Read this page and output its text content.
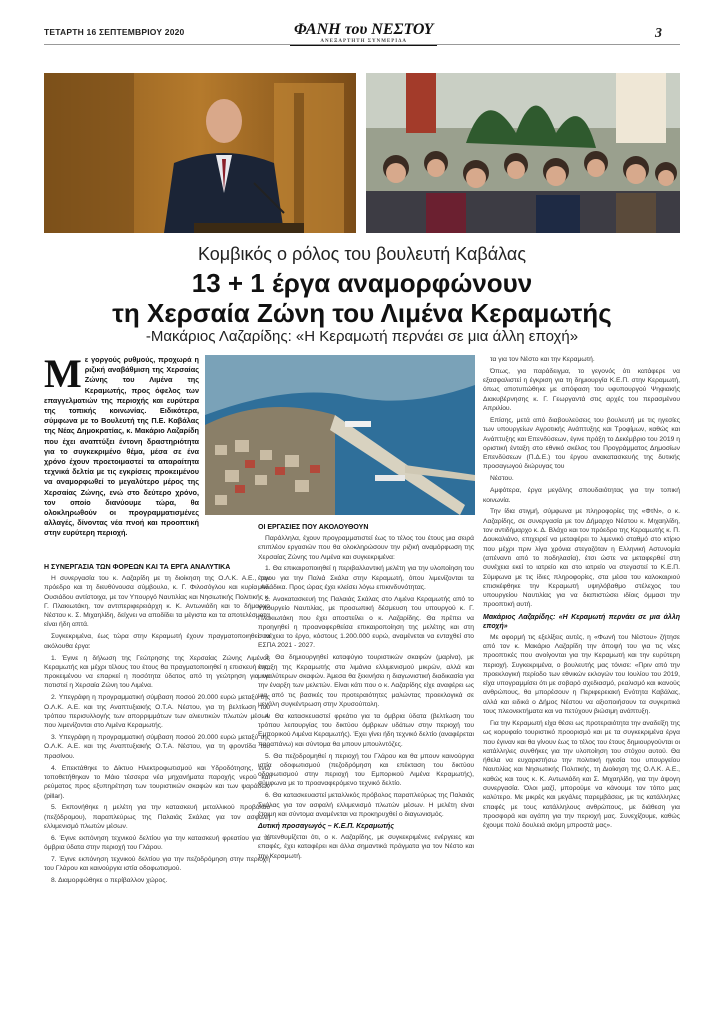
ΤΕΤΑΡΤΗ 16 ΣΕΠΤΕΜΒΡΙΟΥ 2020	ΦΑΝΗ του ΝΕΣΤΟΥ
ΑΝΕΞΑΡΤΗΤΗ ΣΥΝΜΕΡΙΔΑ
3
Κομβικός ο ρόλος του βουλευτή Καβάλας
13 + 1 έργα αναμορφώνουν
τη Χερσαία Ζώνη του Λιμένα Κεραμωτής
-Μακάριος Λαζαρίδης: «Η Κεραμωτή περνάει σε μια άλλη εποχή»
Μ ε γοργούς ρυθμούς, προχωρά η ριζική αναβάθμιση της Χερσαίας Ζώνης του Λιμένα της Κεραμωτής, προς όφελος των επαγγελματιών της περιοχής και ευρύτερα της τοπικής κοινωνίας. Ειδικότερα, σύμφωνα με το Βουλευτή της Π.Ε. Καβάλας της Νέας Δημοκρατίας, κ. Μακάριο Λαζαρίδη που έχει αναπτύξει έντονη δραστηριότητα για το συγκεκριμένο θέμα, μέσα σε ένα χρόνο έχουν προετοιμαστεί τα απαραίτητα τεχνικά δελτία με τις εγκρίσεις προκειμένου να αναμορφωθεί το μεγαλύτερο μέρος της Χερσαίας Ζώνης, ενώ στο δεύτερο χρόνο, τον οποίο διανύουμε τώρα, θα ολοκληρωθούν οι προγραμματισμένες αλλαγές, δίνοντας νέα πνοή και προοπτική στην ευρύτερη περιοχή.
Η ΣΥΝΕΡΓΑΣΙΑ ΤΩΝ ΦΟΡΕΩΝ ΚΑΙ ΤΑ ΕΡΓΑ ΑΝΑΛΥΤΙΚΑ

Η συνεργασία του κ. Λαζαρίδη με τη διοίκηση της Ο.Λ.Κ. Α.Ε., τον πρόεδρο και τη διευθύνουσα σύμβουλο, κ. Γ. Φιλοσόγλου και κυρία Αν. Ουσιάδου αντίστοιχα, με τον Υπουργό Ναυτιλίας και Νησιωτικής Πολιτικής κ. Γ. Πλακιωτάκη, τον αντιπεριφερειάρχη κ. Κ. Αντωνιάδη και το δήμαρχο Νέστου κ. Σ. Μιχαηλίδη, δείχνει να αποδίδει τα μέγιστα και τα αποτελέσματα είναι ήδη απτά.

Συγκεκριμένα, έως τώρα στην Κεραμωτή έχουν πραγματοποιηθεί τα ακόλουθα έργα:

1. Έγινε η δήλωση της Γεώτρησης της Χερσαίας Ζώνης Λιμένος Κεραμωτής και μέχρι τέλους του έτους θα πραγματοποιηθεί η επισκευή της, προκειμένου να επαρκεί η ποσότητα ύδατος από τη γεώτρηση για να ποτιστεί η Χερσαία Ζώνη του Λιμένα.

2. Υπεγράφη η προγραμματική σύμβαση ποσού 20.000 ευρώ μεταξύ της Ο.Λ.Κ. Α.Ε. και της Αναπτυξιακής Ο.Τ.Α. Νέστου, για τη βελτίωση του τρόπου περισυλλογής των απορριμμάτων των αλιευτικών πλωτών μέσων που λιμενίζονται στο Λιμένα Κεραμωτής.

3. Υπεγράφη η προγραμματική σύμβαση ποσού 20.000 ευρώ μεταξύ της Ο.Λ.Κ. Α.Ε. και της Αναπτυξιακής Ο.Τ.Α. Νέστου, για τη φροντίδα του πρασίνου.

4. Επεκτάθηκε το Δίκτυο Ηλεκτροφωτισμού και Υδροδότησης, ενώ τοποθετήθηκαν το Μάιο τέσσερα νέα μηχανήματα παροχής νερού και ρεύματος προς εξυπηρέτηση των τουριστικών σκαφών και των ψαράδων (pillar).

5. Εκπονήθηκε η μελέτη για την κατασκευή μεταλλικού προβόλου (πεζόδρομου), παραπλεύρως της Παλαιάς Σκάλας για τον ασφαλή ελλιμενισμό πλωτών μέσων.

6. Έγινε εκπόνηση τεχνικού δελτίου για την κατασκευή φρεατίου για τα όμβρια ύδατα στην περιοχή του Γλάρου.

7. Έγινε εκπόνηση τεχνικού δελτίου για την πεζοδρόμηση στην περιοχή του Γλάρου και καινούργια ιστία οδοφωτισμού.

8. Διαμορφώθηκε ο περίβαλλον χώρος.

ΟΙ ΕΡΓΑΣΙΕΣ ΠΟΥ ΑΚΟΛΟΥΘΟΥΝ

Παράλληλα, έχουν προγραμματιστεί έως το τέλος του έτους μια σειρά επιπλέον εργασιών που θα ολοκληρώσουν την ριζική αναμόρφωση της Χερσαίας Ζώνης του Λιμένα και συγκεκριμένα:

1. Θα επικαιροποιηθεί η περιβαλλοντική μελέτη για την υλοποίηση του έργου για την Παλιά Σκάλα στην Κεραμωτή, όπου λιμενίζονται τα μυδάδικα. Προς ώρας έχει κλείσει λόγω επικινδυνότητας.

2. Ανακατασκευή της Παλαιάς Σκάλας στο Λιμένα Κεραμωτής από το Υπουργείο Ναυτιλίας, με προσωπική δέσμευση του υπουργού κ. Γ. Πλακιωτάκη που έχει αποστείλει ο κ. Λαζαρίδης. Θα πρέπει να προηγηθεί η προαναφερθείσα επικαιροποίηση της μελέτης και στη συνέχεια το έργο, κόστους 1.200.000 ευρώ, αναμένεται να ενταχθεί στο ΕΣΠΑ 2021 - 2027.

3. Θα δημιουργηθεί καταφύγιο τουριστικών σκαφών (μαρίνα), με ένταξη της Κεραμωτής στα λιμάνια ελλιμενισμού μικρών, αλλά και μεγαλύτερων σκαφών. Άμεσα θα ξεκινήσει η διαγωνιστική διαδικασία για την έναρξη των μελετών. Είναι κάτι που ο κ. Λαζαρίδης είχε αναφέρει ως μια από τις βασικές του προτεραιότητες μαλώντας προεκλογικά σε μεγάλη συγκέντρωση στην Χρυσούπολη.

4. Θα κατασκευαστεί φρεάτιο για τα όμβρια ύδατα (βελτίωση του τρόπου λειτουργίας του δικτύου όμβριων υδάτων στην περιοχή του Εμπορικού Λιμένα Κεραμωτής). Έχει γίνει ήδη τεχνικό δελτίο (αναφέρεται παραπάνω) και σύντομα θα μπουν μπουλντόζες.

5. Θα πεζοδρομηθεί η περιοχή του Γλάρου και θα μπουν καινούργια ιστία οδοφωτισμού (πεζοδρόμηση και επέκταση του δικτύου οδοφωτισμού στην περιοχή του Εμπορικού Λιμένα Κεραμωτής), σύμφωνα με το προαναφερόμενο τεχνικό δελτίο.

6. Θα κατασκευαστεί μεταλλικός πρόβολος παραπλεύρως της Παλαιάς Σκάλας για τον ασφαλή ελλιμενισμό πλωτών μέσων. Η μελέτη είναι έτοιμη και σύντομα αναμένεται να προκηρυχθεί ο διαγωνισμός.

Δυτική προσαγωγός – Κ.Ε.Π. Κεραμωτής

Υπενθυμίζεται ότι, ο κ. Λαζαρίδης, με συγκεκριμένες ενέργειες και επαφές, έχει καταφέρει και άλλα σημαντικά πράγματα για τον Νέστο και την Κεραμωτή.

τα για τον Νέστο και την Κεραμωτή.

Όπως, για παράδειγμα, το γεγονός ότι κατάφερε να εξασφαλιστεί η έγκριση για τη δημιουργία Κ.Ε.Π. στην Κεραμωτή, όπως αποτυπώθηκε με απόφαση του υφυπουργού Ψηφιακής Διακυβέρνησης κ. Γ. Γεωργαντά στις αρχές του περασμένου Απριλίου.

Επίσης, μετά από διαβουλεύσεις του βουλευτή με τις ηγεσίες των υπουργείων Αγροτικής Ανάπτυξης και Τροφίμων, καθώς και Ανάπτυξης και Επενδύσεων, έγινε πράξη το Δεκέμβριο του 2019 η οριστική ένταξη στο εθνικό σκέλος του Προγράμματος Δημοσίων Επενδύσεων (Π.Δ.Ε.) του έργου ανακατασκευής της δυτικής προσαγωγού διώρυγας του

Νέστου.

Αμφότερα, έργα μεγάλης σπουδαιότητας για την τοπική κοινωνία.

Την ίδια στιγμή, σύμφωνα με πληροφορίες της «ΦτΝ», ο κ. Λαζαρίδης, σε συνεργασία με τον Δήμαρχο Νέστου κ. Μιχαηλίδη, τον αντιδήμαρχο κ. Δ. Βλάχο και τον πρόεδρο της Κεραμωτής κ. Π. Δουκαλιάνο, επιχειρεί να μεταφέρει το λιμενικό σταθμό στο κτίριο που μέχρι πριν λίγα χρόνια στεγαζόταν η Ελληνική Αστυνομία (απέναντι από το ποδηλασία), έτσι ώστε να μεταφερθεί στη συνέχεια εκεί το ιατρείο και στο ιατρείο να στεγαστεί το Κ.Ε.Π. Σύμφωνα με τις ίδιες πληροφορίες, στα μέσα του καλοκαιριού επισκέφθηκε την Κεραμωτή υψηλόβαθμο στέλεχος του υπουργείου Ναυτιλίας για να διαπιστώσει ιδίοις όμμασι την προοπτική αυτή.

Μακάριος Λαζαρίδης: «Η Κεραμωτή περνάει σε μια άλλη εποχή»

Με αφορμή τις εξελίξεις αυτές, η «Φωνή του Νέστου» ζήτησε από τον κ. Μακάριο Λαζαρίδη την άποψή του για τις νέες προοπτικές που ανοίγονται για την Κεραμωτή και την ευρύτερη περιοχή. Συγκεκριμένα, ο βουλευτής μας τόνισε: «Πριν από την προεκλογική περίοδο των εθνικών εκλογών του Ιουλίου του 2019, είχα υπογραμμίσει ότι με σοβαρό σχεδιασμό, ρεαλισμό και ικανούς ανθρώπους, θα μπορέσουν η Περιφερειακή Ενότητα Καβάλας, αλλά και ειδικά ο Δήμος Νέστου να αξιοποιήσουν τα συγκριτικά τους πλεονεκτήματα και να πετύχουν βιώσιμη ανάπτυξη.

Για την Κεραμωτή είχα θέσει ως προτεραιότητα την αναδείξη της ως κορυφαίο τουριστικό προορισμό και με τα συγκεκριμένα έργα που έγιναν και θα γίνουν έως το τέλος του έτους δημιουργούνται οι κατάλληλες συνθήκες για την υλοποίηση του στόχου αυτού. Θα ήθελα να ευχαριστήσω την πολιτική ηγεσία του υπουργείου Ναυτιλίας και Νησιωτικής Πολιτικής, τη Διοίκηση της Ο.Λ.Κ. Α.Ε., καθώς και τους κ. Κ. Αντωνιάδη και Σ. Μιχαηλίδη, για την άψογη συνεργασία. Όλοι μαζί, μπορούμε να κάνουμε τον τόπο μας καλύτερο. Με μικρές και μεγάλες παρεμβάσεις, με τις κατάλληλες επαφές με τους κατάλληλους ανθρώπους, με διάθεση για προσφορά και αγάπη για την περιοχή μας. Συνεχίζουμε, καθώς έχουμε πολύ δουλειά ακόμη μπροστά μας».
